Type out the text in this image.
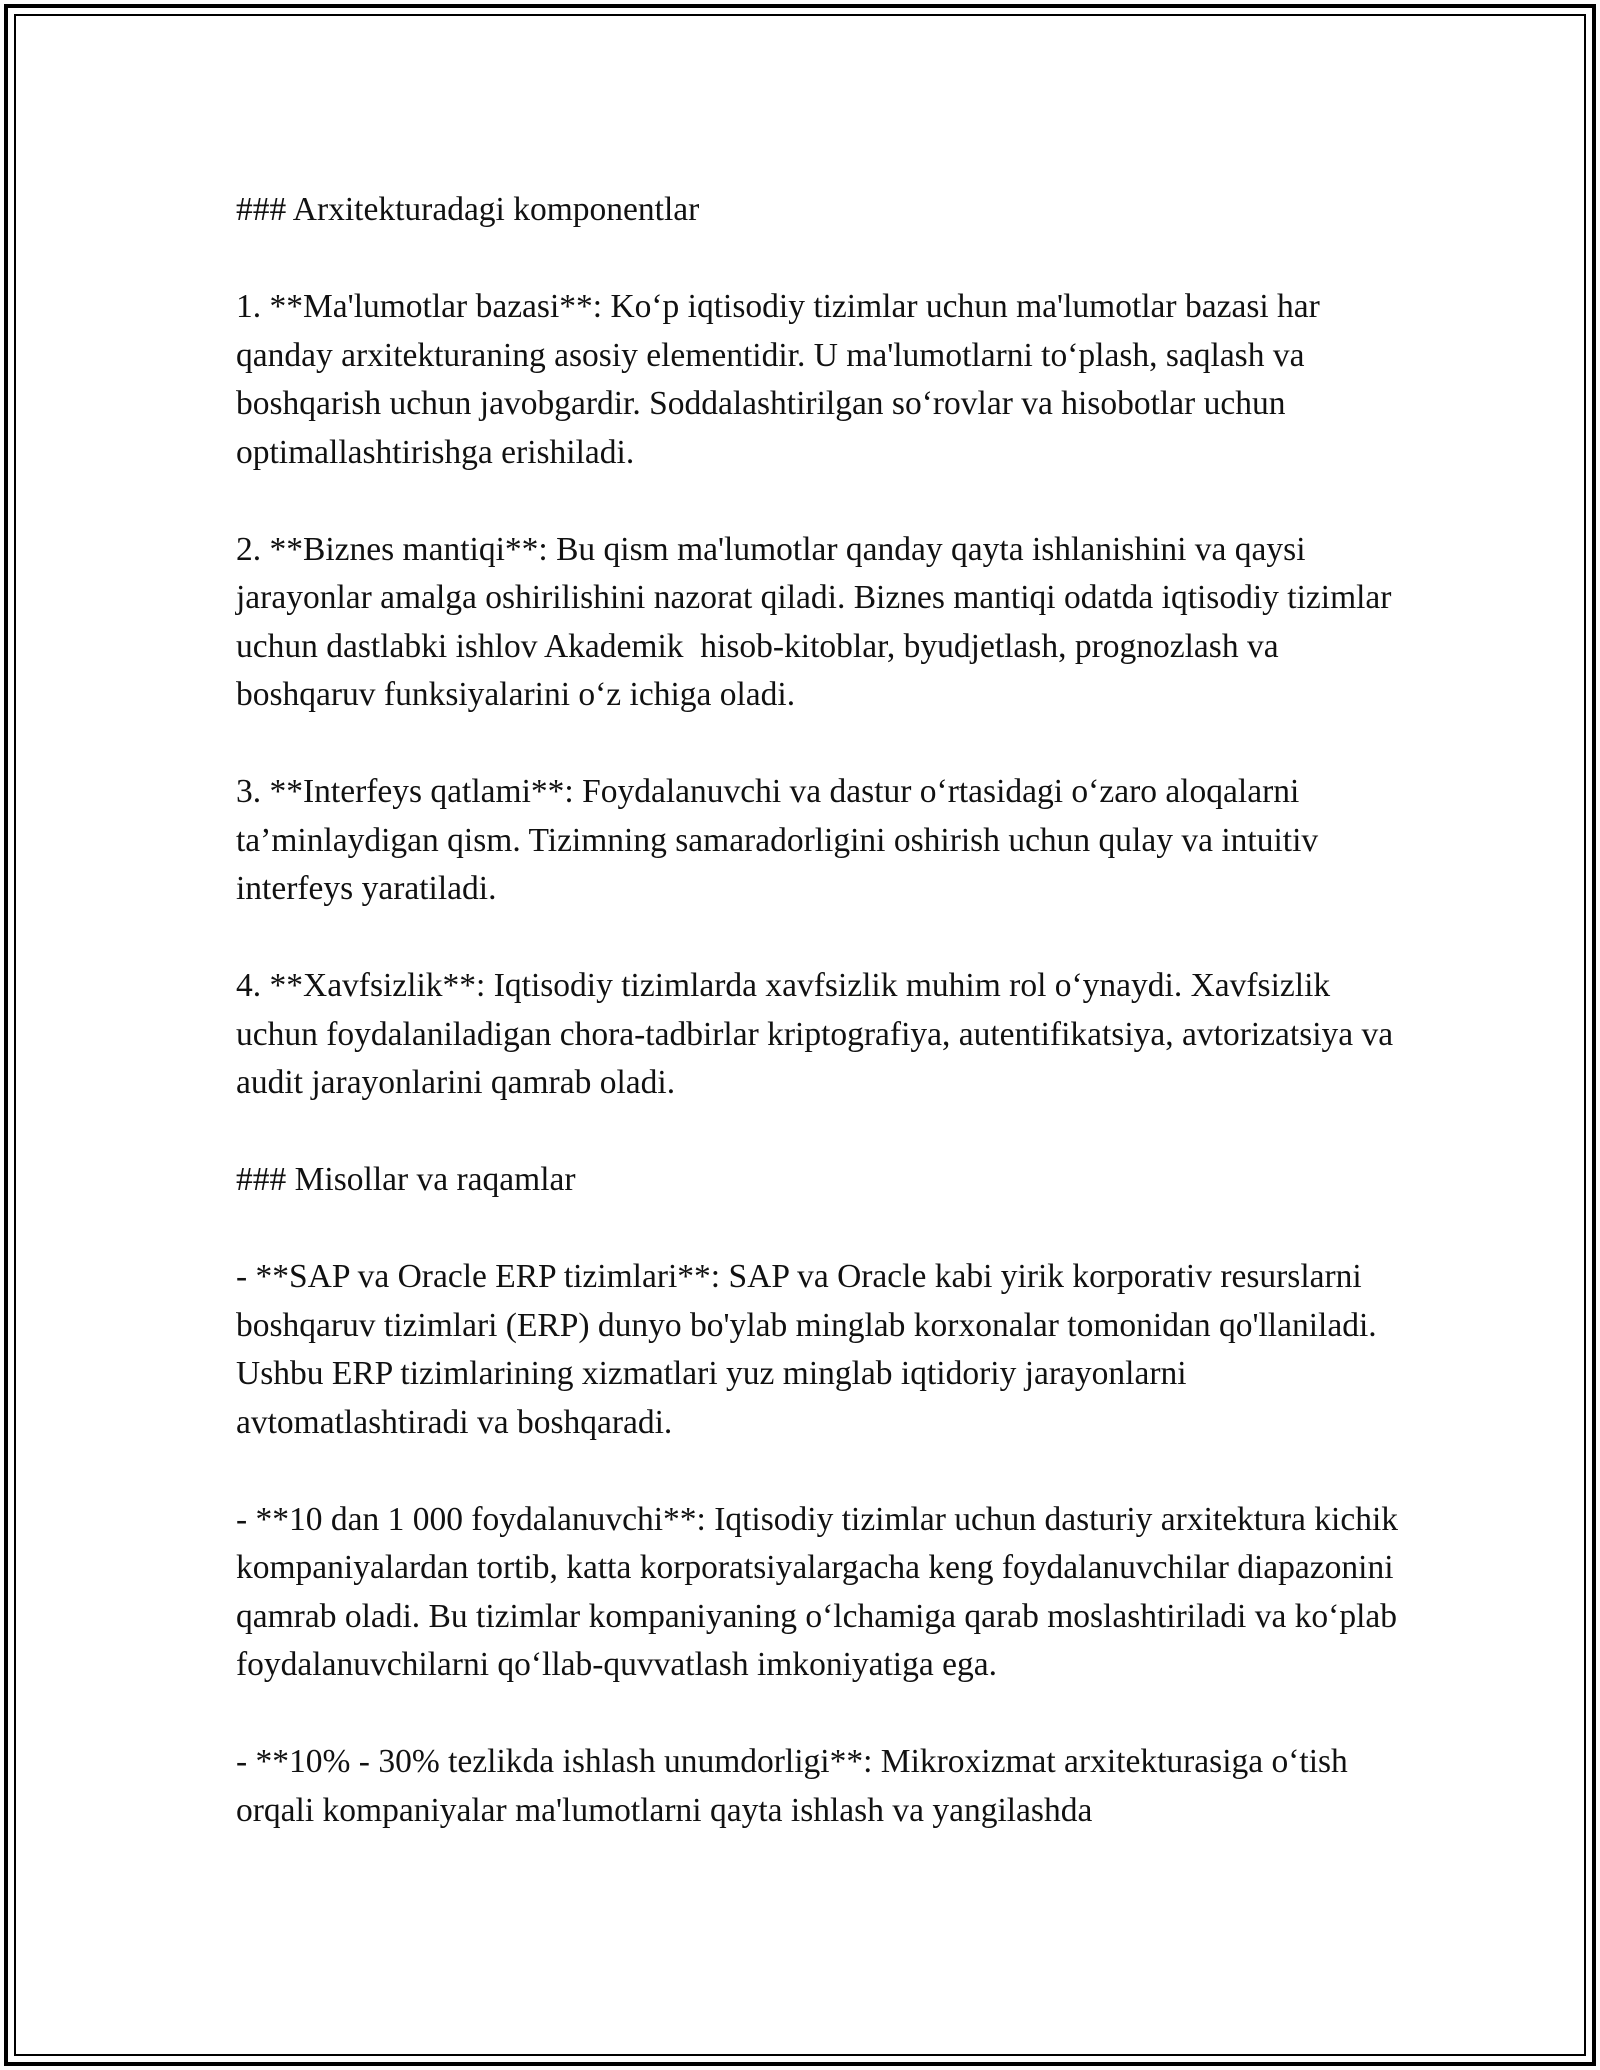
### Arxitekturadagi komponentlar

1. **Ma'lumotlar bazasi**: Koʻp iqtisodiy tizimlar uchun ma'lumotlar bazasi har qanday arxitekturaning asosiy elementidir. U ma'lumotlarni toʻplash, saqlash va boshqarish uchun javobgardir. Soddalashtirilgan soʻrovlar va hisobotlar uchun optimallashtirishga erishiladi.

2. **Biznes mantiqi**: Bu qism ma'lumotlar qanday qayta ishlanishini va qaysi jarayonlar amalga oshirilishini nazorat qiladi. Biznes mantiqi odatda iqtisodiy tizimlar uchun dastlabki ishlov Akademik  hisob-kitoblar, byudjetlash, prognozlash va boshqaruv funksiyalarini oʻz ichiga oladi.

3. **Interfeys qatlami**: Foydalanuvchi va dastur oʻrtasidagi oʻzaro aloqalarni ta’minlaydigan qism. Tizimning samaradorligini oshirish uchun qulay va intuitiv interfeys yaratiladi.

4. **Xavfsizlik**: Iqtisodiy tizimlarda xavfsizlik muhim rol oʻynaydi. Xavfsizlik uchun foydalaniladigan chora-tadbirlar kriptografiya, autentifikatsiya, avtorizatsiya va audit jarayonlarini qamrab oladi.

### Misollar va raqamlar

- **SAP va Oracle ERP tizimlari**: SAP va Oracle kabi yirik korporativ resurslarni boshqaruv tizimlari (ERP) dunyo bo'ylab minglab korxonalar tomonidan qo'llaniladi. Ushbu ERP tizimlarining xizmatlari yuz minglab iqtidoriy jarayonlarni avtomatlashtiradi va boshqaradi.

- **10 dan 1 000 foydalanuvchi**: Iqtisodiy tizimlar uchun dasturiy arxitektura kichik kompaniyalardan tortib, katta korporatsiyalargacha keng foydalanuvchilar diapazonini qamrab oladi. Bu tizimlar kompaniyaning oʻlchamiga qarab moslashtiriladi va koʻplab foydalanuvchilarni qoʻllab-quvvatlash imkoniyatiga ega.

- **10% - 30% tezlikda ishlash unumdorligi**: Mikroxizmat arxitekturasiga oʻtish orqali kompaniyalar ma'lumotlarni qayta ishlash va yangilashda
